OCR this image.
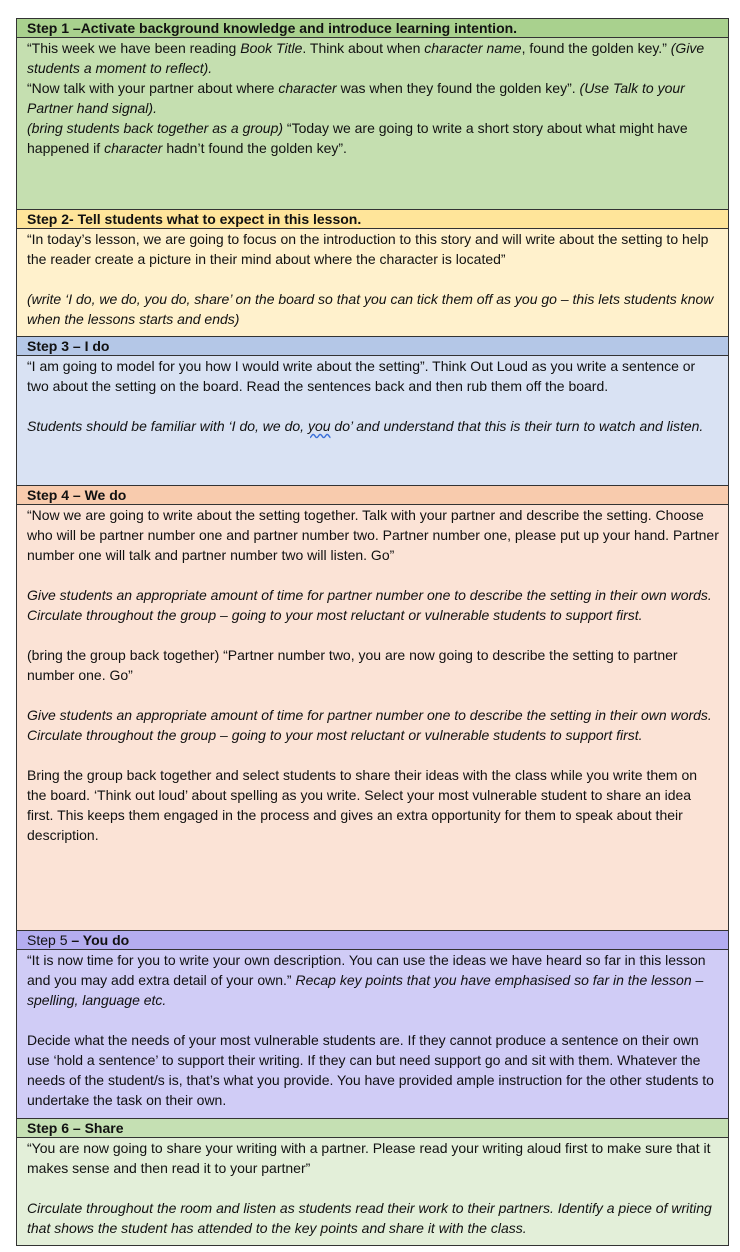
Step 1 –Activate background knowledge and introduce learning intention.

“This week we have been reading Book Title. Think about when character name, found the golden key.” (Give students a moment to reflect).

“Now talk with your partner about where character was when they found the golden key”. (Use Talk to your Partner hand signal).

(bring students back together as a group) “Today we are going to write a short story about what might have happened if character hadn’t found the golden key”.

Step 2- Tell students what to expect in this lesson.

“In today’s lesson, we are going to focus on the introduction to this story and will write about the setting to help the reader create a picture in their mind about where the character is located”

(write ‘I do, we do, you do, share’ on the board so that you can tick them off as you go – this lets students know when the lessons starts and ends)

Step 3 – I do

“I am going to model for you how I would write about the setting”. Think Out Loud as you write a sentence or two about the setting on the board. Read the sentences back and then rub them off the board.

Students should be familiar with ‘I do, we do, you do’ and understand that this is their turn to watch and listen.

Step 4 – We do

“Now we are going to write about the setting together. Talk with your partner and describe the setting. Choose who will be partner number one and partner number two. Partner number one, please put up your hand. Partner number one will talk and partner number two will listen. Go”

Give students an appropriate amount of time for partner number one to describe the setting in their own words. Circulate throughout the group – going to your most reluctant or vulnerable students to support first.

(bring the group back together) “Partner number two, you are now going to describe the setting to partner number one. Go”

Give students an appropriate amount of time for partner number one to describe the setting in their own words. Circulate throughout the group – going to your most reluctant or vulnerable students to support first.

Bring the group back together and select students to share their ideas with the class while you write them on the board. ‘Think out loud’ about spelling as you write. Select your most vulnerable student to share an idea first. This keeps them engaged in the process and gives an extra opportunity for them to speak about their description.

Step 5 – You do

“It is now time for you to write your own description. You can use the ideas we have heard so far in this lesson and you may add extra detail of your own.” Recap key points that you have emphasised so far in the lesson – spelling, language etc.

Decide what the needs of your most vulnerable students are. If they cannot produce a sentence on their own use ‘hold a sentence’ to support their writing. If they can but need support go and sit with them. Whatever the needs of the student/s is, that’s what you provide. You have provided ample instruction for the other students to undertake the task on their own.

Step 6 – Share

“You are now going to share your writing with a partner. Please read your writing aloud first to make sure that it makes sense and then read it to your partner”

Circulate throughout the room and listen as students read their work to their partners. Identify a piece of writing that shows the student has attended to the key points and share it with the class.
